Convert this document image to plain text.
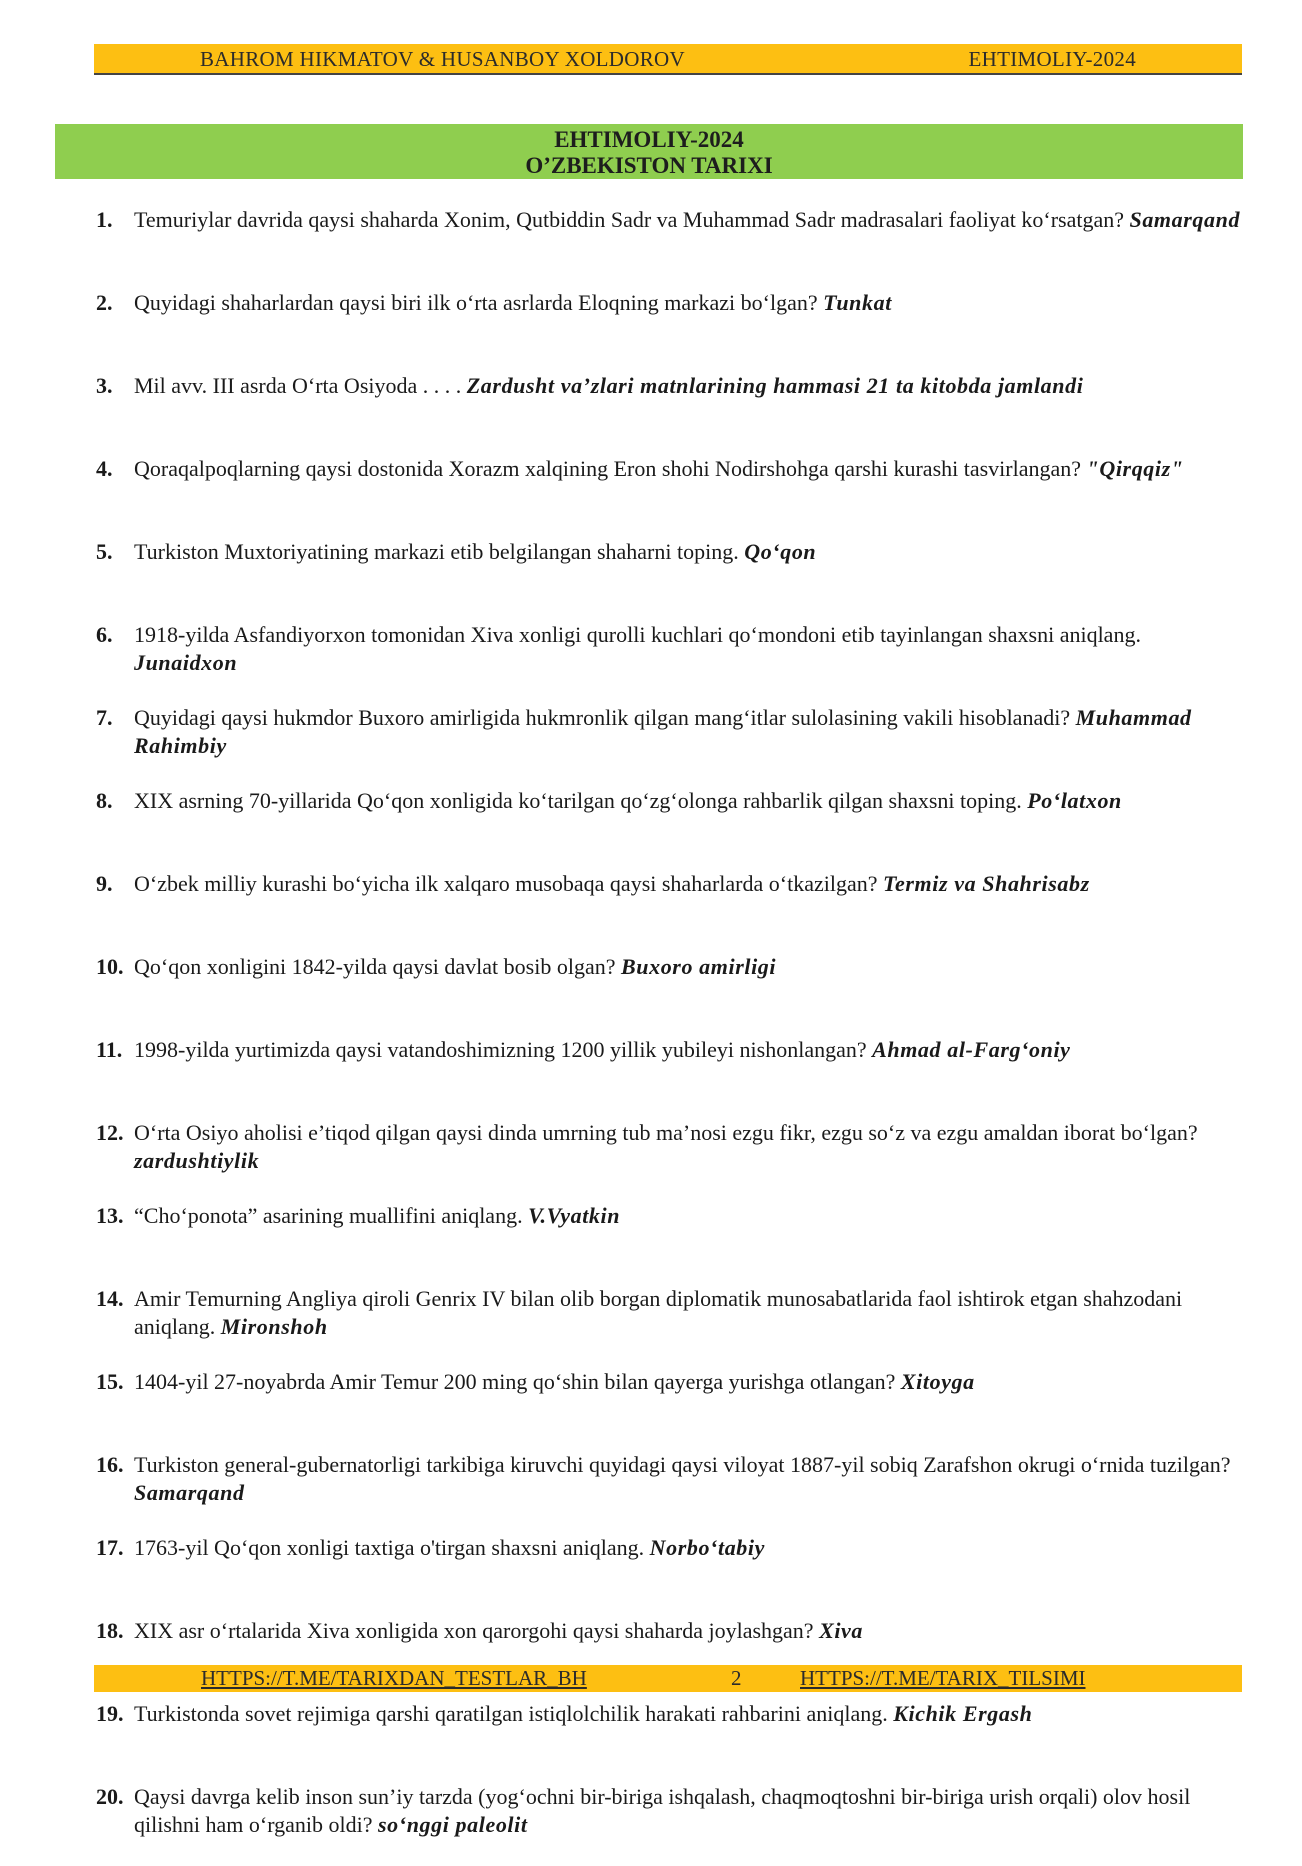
BAHROM HIKMATOV & HUSANBOY XOLDOROV	EHTIMOLIY-2024
EHTIMOLIY-2024
O’ZBEKISTON TARIXI
1. Temuriylar davrida qaysi shaharda Xonim, Qutbiddin Sadr va Muhammad Sadr madrasalari faoliyat ko‘rsatgan? Samarqand
2. Quyidagi shaharlardan qaysi biri ilk o‘rta asrlarda Eloqning markazi bo‘lgan? Tunkat
3. Mil avv. III asrda O‘rta Osiyoda . . . . Zardusht va’zlari matnlarining hammasi 21 ta kitobda jamlandi
4. Qoraqalpoqlarning qaysi dostonida Xorazm xalqining Eron shohi Nodirshohga qarshi kurashi tasvirlangan? "Qirqqiz"
5. Turkiston Muxtoriyatining markazi etib belgilangan shaharni toping. Qo‘qon
6. 1918-yilda Asfandiyorxon tomonidan Xiva xonligi qurolli kuchlari qo‘mondoni etib tayinlangan shaxsni aniqlang. Junaidxon
7. Quyidagi qaysi hukmdor Buxoro amirligida hukmronlik qilgan mang‘itlar sulolasining vakili hisoblanadi? Muhammad Rahimbiy
8. XIX asrning 70-yillarida Qo‘qon xonligida ko‘tarilgan qo‘zg‘olonga rahbarlik qilgan shaxsni toping. Po‘latxon
9. O‘zbek milliy kurashi bo‘yicha ilk xalqaro musobaqa qaysi shaharlarda o‘tkazilgan? Termiz va Shahrisabz
10. Qo‘qon xonligini 1842-yilda qaysi davlat bosib olgan? Buxoro amirligi
11. 1998-yilda yurtimizda qaysi vatandoshimizning 1200 yillik yubileyi nishonlangan? Ahmad al-Farg‘oniy
12. O‘rta Osiyo aholisi e’tiqod qilgan qaysi dinda umrning tub ma’nosi ezgu fikr, ezgu so‘z va ezgu amaldan iborat bo‘lgan? zardushtiylik
13. “Cho‘ponota” asarining muallifini aniqlang. V.Vyatkin
14. Amir Temurning Angliya qiroli Genrix IV bilan olib borgan diplomatik munosabatlarida faol ishtirok etgan shahzodani aniqlang. Mironshoh
15. 1404-yil 27-noyabrda Amir Temur 200 ming qo‘shin bilan qayerga yurishga otlangan? Xitoyga
16. Turkiston general-gubernatorligi tarkibiga kiruvchi quyidagi qaysi viloyat 1887-yil sobiq Zarafshon okrugi o‘rnida tuzilgan? Samarqand
17. 1763-yil Qo‘qon xonligi taxtiga o'tirgan shaxsni aniqlang. Norbo‘tabiy
18. XIX asr o‘rtalarida Xiva xonligida xon qarorgohi qaysi shaharda joylashgan? Xiva
19. Turkistonda sovet rejimiga qarshi qaratilgan istiqlolchilik harakati rahbarini aniqlang. Kichik Ergash
20. Qaysi davrga kelib inson sun’iy tarzda (yog‘ochni bir-biriga ishqalash, chaqmoqtoshni bir-biriga urish orqali) olov hosil qilishni ham o‘rganib oldi? so‘nggi paleolit
HTTPS://T.ME/TARIXDAN_TESTLAR_BH	2	HTTPS://T.ME/TARIX_TILSIMI
